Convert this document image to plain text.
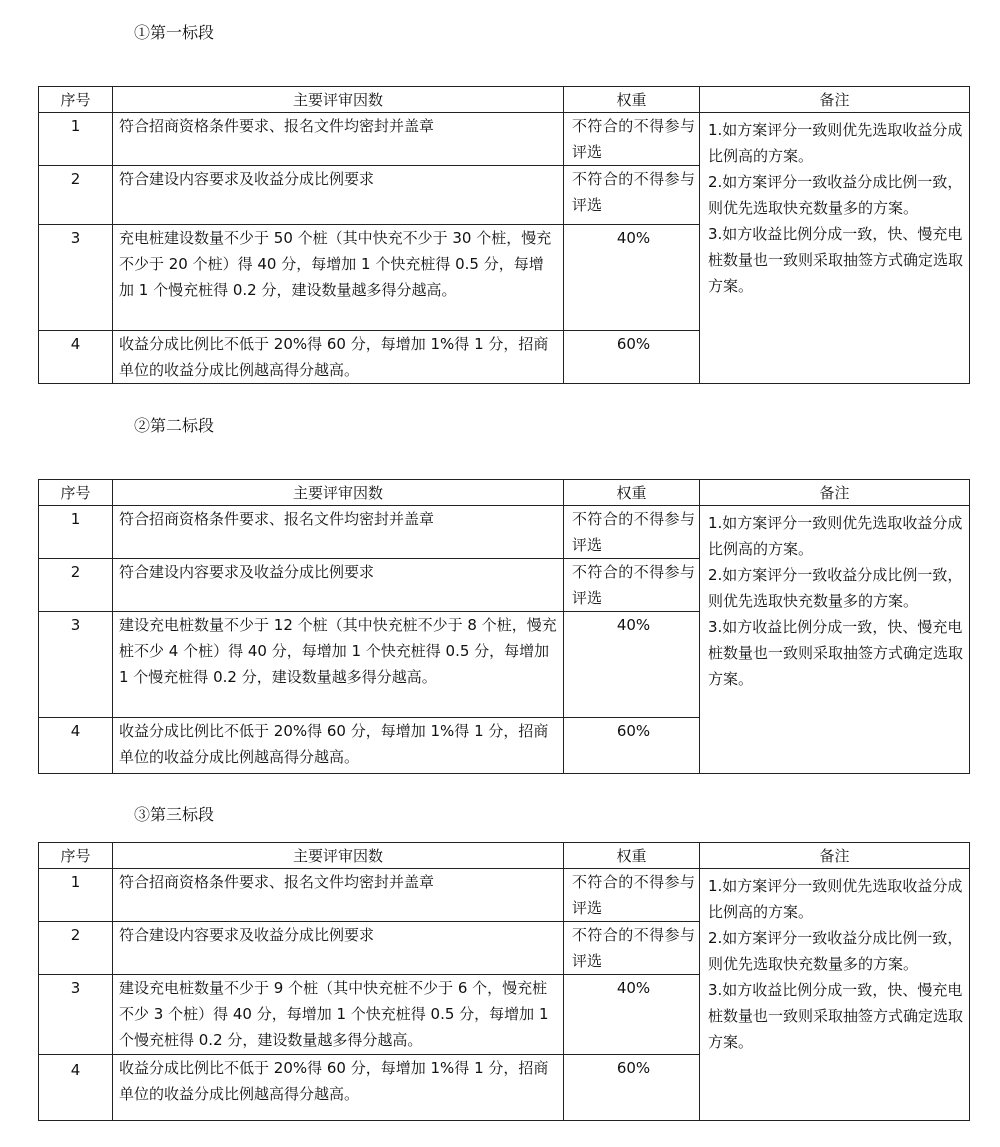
①第一标段
序号	主要评审因数	权重	备注
1	符合招商资格条件要求、报名文件均密封并盖章	不符合的不得参与评选	1.如方案评分一致则优先选取收益分成比例高的方案。
2.如方案评分一致收益分成比例一致，则优先选取快充数量多的方案。
3.如方收益比例分成一致，快、慢充电桩数量也一致则采取抽签方式确定选取方案。

2	符合建设内容要求及收益分成比例要求	不符合的不得参与评选	
3	充电桩建设数量不少于 50 个桩（其中快充不少于 30 个桩，慢充不少于 20 个桩）得 40 分，每增加 1 个快充桩得 0.5 分，每增加 1 个慢充桩得 0.2 分，建设数量越多得分越高。	40%	
4	收益分成比例比不低于 20%得 60 分，每增加 1%得 1 分，招商单位的收益分成比例越高得分越高。	60%	
②第二标段
序号	主要评审因数	权重	备注
1	符合招商资格条件要求、报名文件均密封并盖章	不符合的不得参与评选	1.如方案评分一致则优先选取收益分成比例高的方案。
2.如方案评分一致收益分成比例一致，则优先选取快充数量多的方案。
3.如方收益比例分成一致，快、慢充电桩数量也一致则采取抽签方式确定选取方案。

2	符合建设内容要求及收益分成比例要求	不符合的不得参与评选	
3	建设充电桩数量不少于 12 个桩（其中快充桩不少于 8 个桩，慢充桩不少 4 个桩）得 40 分，每增加 1 个快充桩得 0.5 分，每增加 1 个慢充桩得 0.2 分，建设数量越多得分越高。	40%	
4	收益分成比例比不低于 20%得 60 分，每增加 1%得 1 分，招商单位的收益分成比例越高得分越高。	60%	
③第三标段
序号	主要评审因数	权重	备注
1	符合招商资格条件要求、报名文件均密封并盖章	不符合的不得参与评选	1.如方案评分一致则优先选取收益分成比例高的方案。
2.如方案评分一致收益分成比例一致，则优先选取快充数量多的方案。
3.如方收益比例分成一致，快、慢充电桩数量也一致则采取抽签方式确定选取方案。

2	符合建设内容要求及收益分成比例要求	不符合的不得参与评选	
3	建设充电桩数量不少于 9 个桩（其中快充桩不少于 6 个，慢充桩不少 3 个桩）得 40 分，每增加 1 个快充桩得 0.5 分，每增加 1 个慢充桩得 0.2 分，建设数量越多得分越高。	40%	
4	收益分成比例比不低于 20%得 60 分，每增加 1%得 1 分，招商单位的收益分成比例越高得分越高。	60%	
